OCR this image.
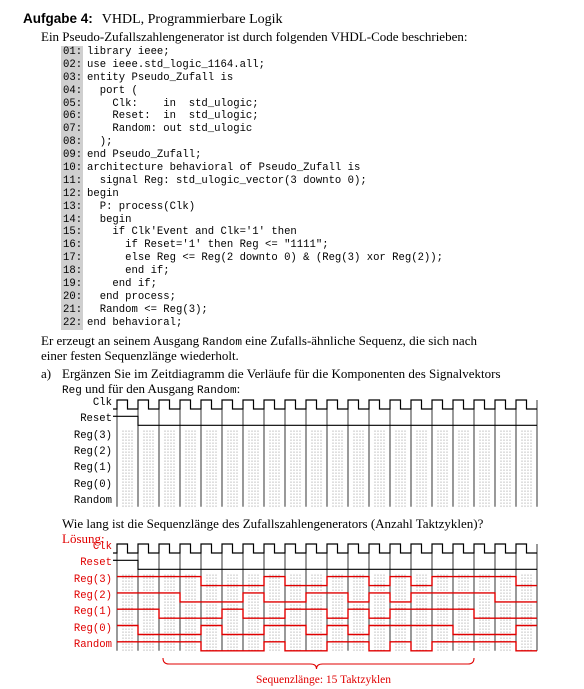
Aufgabe 4: VHDL, Programmierbare Logik
Ein Pseudo-Zufallszahlengenerator ist durch folgenden VHDL-Code beschrieben:
01: library ieee;
02: use ieee.std_logic_1164.all;
03: entity Pseudo_Zufall is
04:  port (
05:    Clk:    in  std_ulogic;
06:    Reset:  in  std_ulogic;
07:    Random: out std_ulogic
08:  );
09: end Pseudo_Zufall;
10: architecture behavioral of Pseudo_Zufall is
11:  signal Reg: std_ulogic_vector(3 downto 0);
12: begin
13:  P: process(Clk)
14:  begin
15:    if Clk'Event and Clk='1' then
16:      if Reset='1' then Reg <= "1111";
17:      else Reg <= Reg(2 downto 0) & (Reg(3) xor Reg(2));
18:      end if;
19:    end if;
20:  end process;
21:  Random <= Reg(3);
22: end behavioral;
Er erzeugt an seinem Ausgang Random eine Zufalls-ähnliche Sequenz, die sich nach
einer festen Sequenzlänge wiederholt.
a) Ergänzen Sie im Zeitdiagramm die Verläufe für die Komponenten des Signalvektors
Reg und für den Ausgang Random:
Wie lang ist die Sequenzlänge des Zufallszahlengenerators (Anzahl Taktzyklen)?
Lösung:
Sequenzlänge: 15 Taktzyklen
Clk
Reset
Reg(3)
Reg(2)
Reg(1)
Reg(0)
Random
Clk
Reset
Reg(3)
Reg(2)
Reg(1)
Reg(0)
Random
